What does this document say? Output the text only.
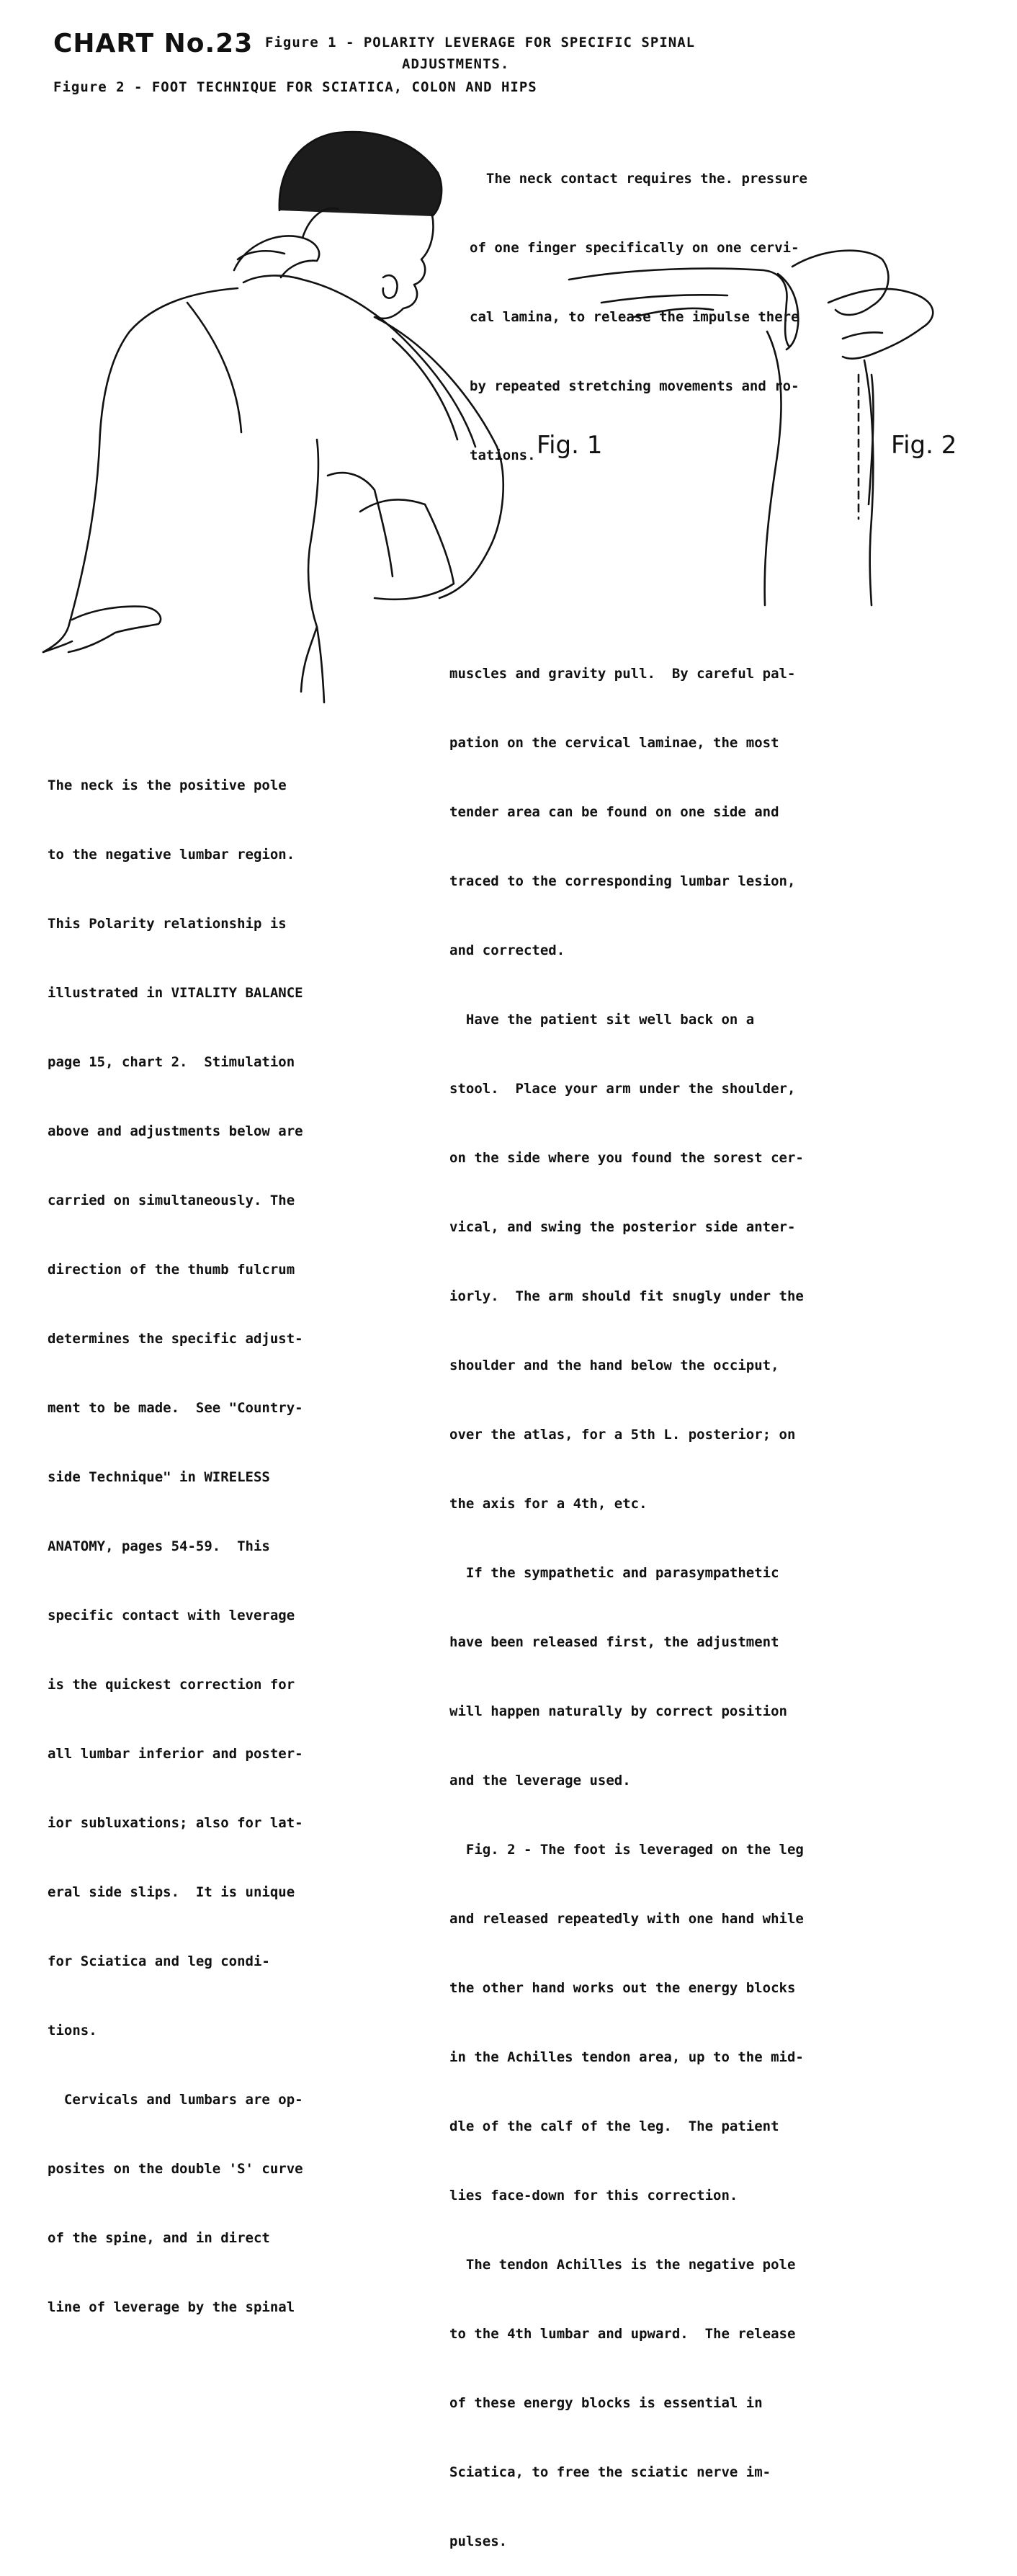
CHART No.23 Figure 1 - POLARITY LEVERAGE FOR SPECIFIC SPINAL
ADJUSTMENTS.
Figure 2 - FOOT TECHNIQUE FOR SCIATICA, COLON AND HIPS
Fig. 1	Fig. 2

The neck contact requires the. pressure

of one finger specifically on one cervi-

cal lamina, to release the impulse there

by repeated stretching movements and ro-

tations.

The neck is the positive pole

to the negative lumbar region.

This Polarity relationship is

illustrated in VITALITY BALANCE

page 15, chart 2.  Stimulation

above and adjustments below are

carried on simultaneously. The

direction of the thumb fulcrum

determines the specific adjust-

ment to be made.  See "Country-

side Technique" in WIRELESS

ANATOMY, pages 54-59.  This

specific contact with leverage

is the quickest correction for

all lumbar inferior and poster-

ior subluxations; also for lat-

eral side slips.  It is unique

for Sciatica and leg condi-

tions.

Cervicals and lumbars are op-

posites on the double 'S' curve

of the spine, and in direct

line of leverage by the spinal

muscles and gravity pull.  By careful pal-

pation on the cervical laminae, the most

tender area can be found on one side and

traced to the corresponding lumbar lesion,

and corrected.

Have the patient sit well back on a

stool.  Place your arm under the shoulder,

on the side where you found the sorest cer-

vical, and swing the posterior side anter-

iorly.  The arm should fit snugly under the

shoulder and the hand below the occiput,

over the atlas, for a 5th L. posterior; on

the axis for a 4th, etc.

If the sympathetic and parasympathetic

have been released first, the adjustment

will happen naturally by correct position

and the leverage used.

Fig. 2 - The foot is leveraged on the leg

and released repeatedly with one hand while

the other hand works out the energy blocks

in the Achilles tendon area, up to the mid-

dle of the calf of the leg.  The patient

lies face-down for this correction.

The tendon Achilles is the negative pole

to the 4th lumbar and upward.  The release

of these energy blocks is essential in

Sciatica, to free the sciatic nerve im-

pulses.
